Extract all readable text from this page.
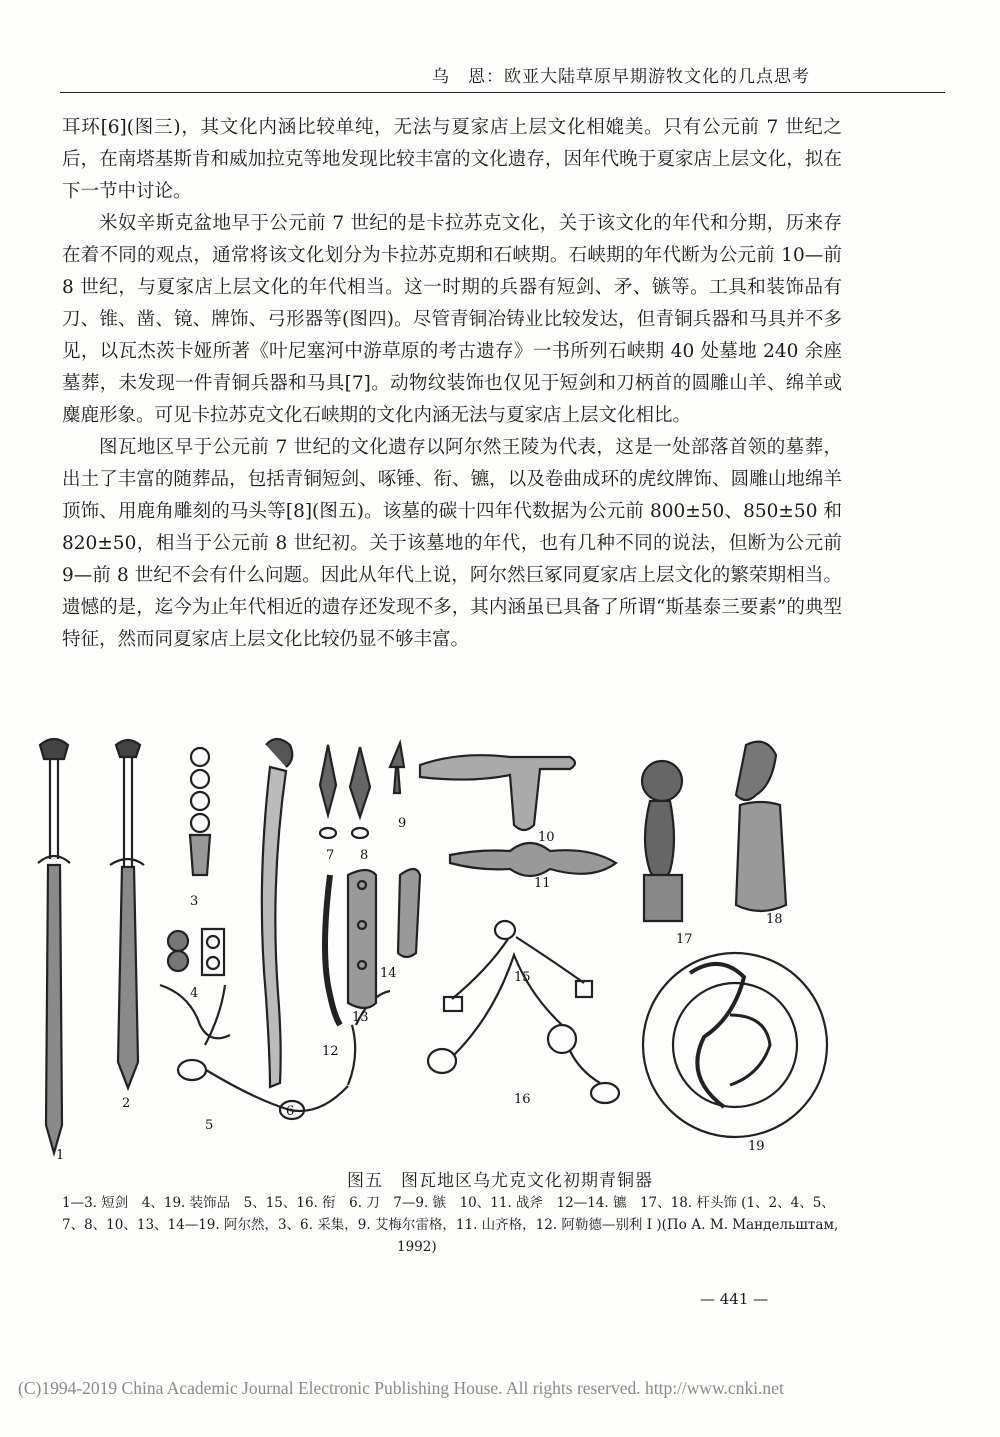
乌　恩：欧亚大陆草原早期游牧文化的几点思考

耳环[6](图三)，其文化内涵比较单纯，无法与夏家店上层文化相媲美。只有公元前 7 世纪之后，在南塔基斯肯和威加拉克等地发现比较丰富的文化遗存，因年代晚于夏家店上层文化，拟在下一节中讨论。

米奴辛斯克盆地早于公元前 7 世纪的是卡拉苏克文化，关于该文化的年代和分期，历来存在着不同的观点，通常将该文化划分为卡拉苏克期和石峡期。石峡期的年代断为公元前 10—前 8 世纪，与夏家店上层文化的年代相当。这一时期的兵器有短剑、矛、镞等。工具和装饰品有刀、锥、凿、镜、牌饰、弓形器等(图四)。尽管青铜冶铸业比较发达，但青铜兵器和马具并不多见，以瓦杰茨卡娅所著《叶尼塞河中游草原的考古遗存》一书所列石峡期 40 处墓地 240 余座墓葬，未发现一件青铜兵器和马具[7]。动物纹装饰也仅见于短剑和刀柄首的圆雕山羊、绵羊或麋鹿形象。可见卡拉苏克文化石峡期的文化内涵无法与夏家店上层文化相比。

图瓦地区早于公元前 7 世纪的文化遗存以阿尔然王陵为代表，这是一处部落首领的墓葬，出土了丰富的随葬品，包括青铜短剑、啄锤、衔、镳，以及卷曲成环的虎纹牌饰、圆雕山地绵羊顶饰、用鹿角雕刻的马头等[8](图五)。该墓的碳十四年代数据为公元前 800±50、850±50 和 820±50，相当于公元前 8 世纪初。关于该墓地的年代，也有几种不同的说法，但断为公元前 9—前 8 世纪不会有什么问题。因此从年代上说，阿尔然巨冢同夏家店上层文化的繁荣期相当。遗憾的是，迄今为止年代相近的遗存还发现不多，其内涵虽已具备了所谓“斯基泰三要素”的典型特征，然而同夏家店上层文化比较仍显不够丰富。

1
2
3
4
5
6
7 8
9
10
11
12
13
14	15
16
17
18
19
图五　图瓦地区乌尤克文化初期青铜器
1—3. 短剑　4、19. 装饰品　5、15、16. 衔　6. 刀　7—9. 镞　10、11. 战斧　12—14. 镳　17、18. 杆头饰 (1、2、4、5、7、8、10、13、14—19. 阿尔然，3、6. 采集，9. 艾梅尔雷格，11. 山齐格，12. 阿勒德—别利 I )(По А. М. Мандельштам,
1992)
— 441 —
(C)1994-2019 China Academic Journal Electronic Publishing House. All rights reserved. http://www.cnki.net
